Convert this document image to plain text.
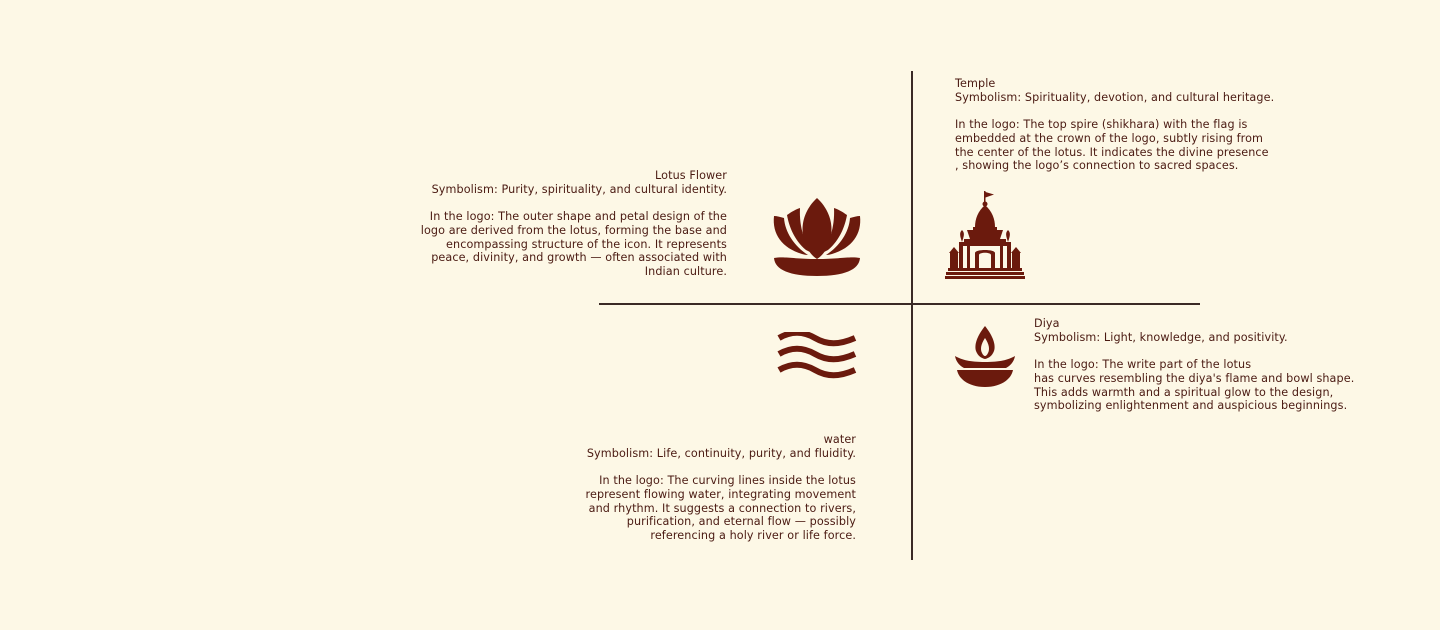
Lotus Flower
Symbolism: Purity, spirituality, and cultural identity.
In the logo: The outer shape and petal design of the
logo are derived from the lotus, forming the base and
encompassing structure of the icon. It represents
peace, divinity, and growth — often associated with
Indian culture.
Temple
Symbolism: Spirituality, devotion, and cultural heritage.
In the logo: The top spire (shikhara) with the flag is
embedded at the crown of the logo, subtly rising from
the center of the lotus. It indicates the divine presence
, showing the logo’s connection to sacred spaces.
water
Symbolism: Life, continuity, purity, and fluidity.
In the logo: The curving lines inside the lotus
represent flowing water, integrating movement
and rhythm. It suggests a connection to rivers,
purification, and eternal flow — possibly
referencing a holy river or life force.
Diya
Symbolism: Light, knowledge, and positivity.
In the logo: The write part of the lotus
has curves resembling the diya's flame and bowl shape.
This adds warmth and a spiritual glow to the design,
symbolizing enlightenment and auspicious beginnings.
